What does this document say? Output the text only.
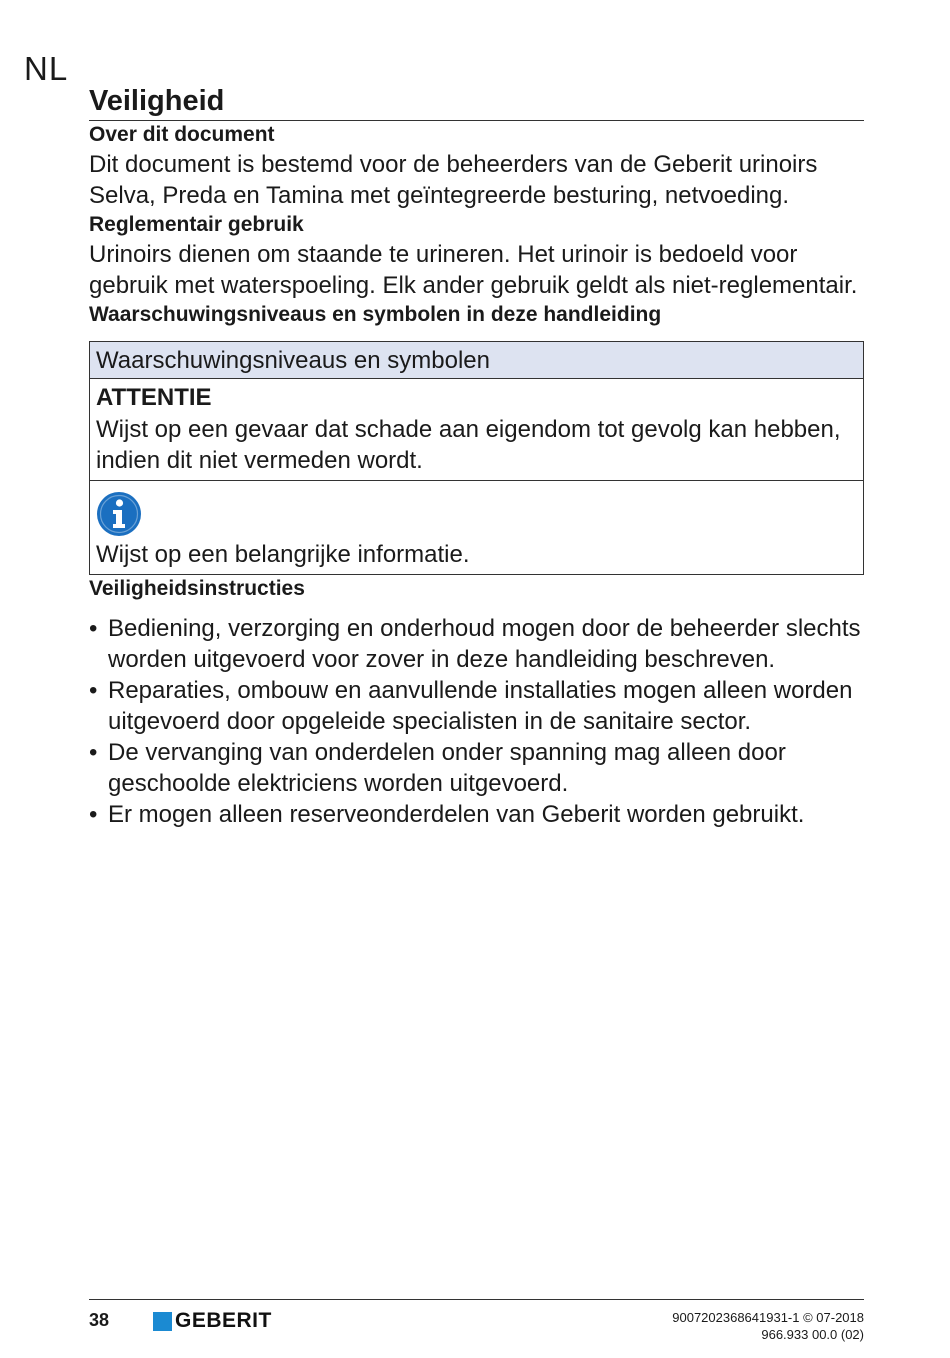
NL
Veiligheid
Over dit document

Dit document is bestemd voor de beheerders van de Geberit urinoirs Selva, Preda en Tamina met geïntegreerde besturing, netvoeding.

Reglementair gebruik

Urinoirs dienen om staande te urineren. Het urinoir is bedoeld voor gebruik met waterspoeling. Elk ander gebruik geldt als niet-reglementair.

Waarschuwingsniveaus en symbolen in deze handleiding
Waarschuwingsniveaus en symbolen

ATTENTIE
Wijst op een gevaar dat schade aan eigendom tot gevolg kan hebben, indien dit niet vermeden wordt.

Wijst op een belangrijke informatie.
Veiligheidsinstructies
• Bediening, verzorging en onderhoud mogen door de beheerder slechts worden uitgevoerd voor zover in deze handleiding beschreven.
• Reparaties, ombouw en aanvullende installaties mogen alleen worden uitgevoerd door opgeleide specialisten in de sanitaire sector.
• De vervanging van onderdelen onder spanning mag alleen door geschoolde elektriciens worden uitgevoerd.
• Er mogen alleen reserveonderdelen van Geberit worden gebruikt.
38	GEBERIT	9007202368641931-1 © 07-2018
966.933 00.0 (02)
